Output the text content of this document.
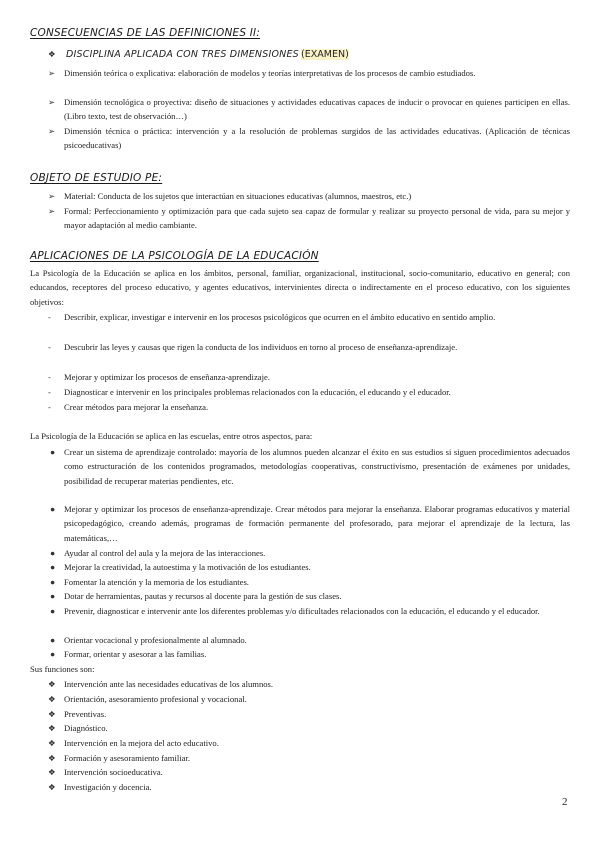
CONSECUENCIAS DE LAS DEFINICIONES II:
❖ DISCIPLINA APLICADA CON TRES DIMENSIONES (EXAMEN)
➢ Dimensión teórica o explicativa: elaboración de modelos y teorías interpretativas de los procesos de cambio estudiados.
➢ Dimensión tecnológica o proyectiva: diseño de situaciones y actividades educativas capaces de inducir o provocar en quienes participen en ellas. (Libro texto, test de observación…)
➢ Dimensión técnica o práctica: intervención y a la resolución de problemas surgidos de las actividades educativas. (Aplicación de técnicas psicoeducativas)
OBJETO DE ESTUDIO PE:
➢ Material: Conducta de los sujetos que interactúan en situaciones educativas (alumnos, maestros, etc.)
➢ Formal: Perfeccionamiento y optimización para que cada sujeto sea capaz de formular y realizar su proyecto personal de vida, para su mejor y mayor adaptación al medio cambiante.
APLICACIONES DE LA PSICOLOGÍA DE LA EDUCACIÓN
La Psicología de la Educación se aplica en los ámbitos, personal, familiar, organizacional, institucional, socio-comunitario, educativo en general; con educandos, receptores del proceso educativo, y agentes educativos, intervinientes directa o indirectamente en el proceso educativo, con los siguientes objetivos:
- Describir, explicar, investigar e intervenir en los procesos psicológicos que ocurren en el ámbito educativo en sentido amplio.
- Descubrir las leyes y causas que rigen la conducta de los individuos en torno al proceso de enseñanza-aprendizaje.
- Mejorar y optimizar los procesos de enseñanza-aprendizaje.
- Diagnosticar e intervenir en los principales problemas relacionados con la educación, el educando y el educador.
- Crear métodos para mejorar la enseñanza.
La Psicología de la Educación se aplica en las escuelas, entre otros aspectos, para:
● Crear un sistema de aprendizaje controlado: mayoría de los alumnos pueden alcanzar el éxito en sus estudios si siguen procedimientos adecuados como estructuración de los contenidos programados, metodologías cooperativas, constructivismo, presentación de exámenes por unidades, posibilidad de recuperar materias pendientes, etc.
● Mejorar y optimizar los procesos de enseñanza-aprendizaje. Crear métodos para mejorar la enseñanza. Elaborar programas educativos y material psicopedagógico, creando además, programas de formación permanente del profesorado, para mejorar el aprendizaje de la lectura, las matemáticas,…
● Ayudar al control del aula y la mejora de las interacciones.
● Mejorar la creatividad, la autoestima y la motivación de los estudiantes.
● Fomentar la atención y la memoria de los estudiantes.
● Dotar de herramientas, pautas y recursos al docente para la gestión de sus clases.
● Prevenir, diagnosticar e intervenir ante los diferentes problemas y/o dificultades relacionados con la educación, el educando y el educador.
● Orientar vocacional y profesionalmente al alumnado.
● Formar, orientar y asesorar a las familias.
Sus funciones son:
❖ Intervención ante las necesidades educativas de los alumnos.
❖ Orientación, asesoramiento profesional y vocacional.
❖ Preventivas.
❖ Diagnóstico.
❖ Intervención en la mejora del acto educativo.
❖ Formación y asesoramiento familiar.
❖ Intervención socioeducativa.
❖ Investigación y docencia.
2
